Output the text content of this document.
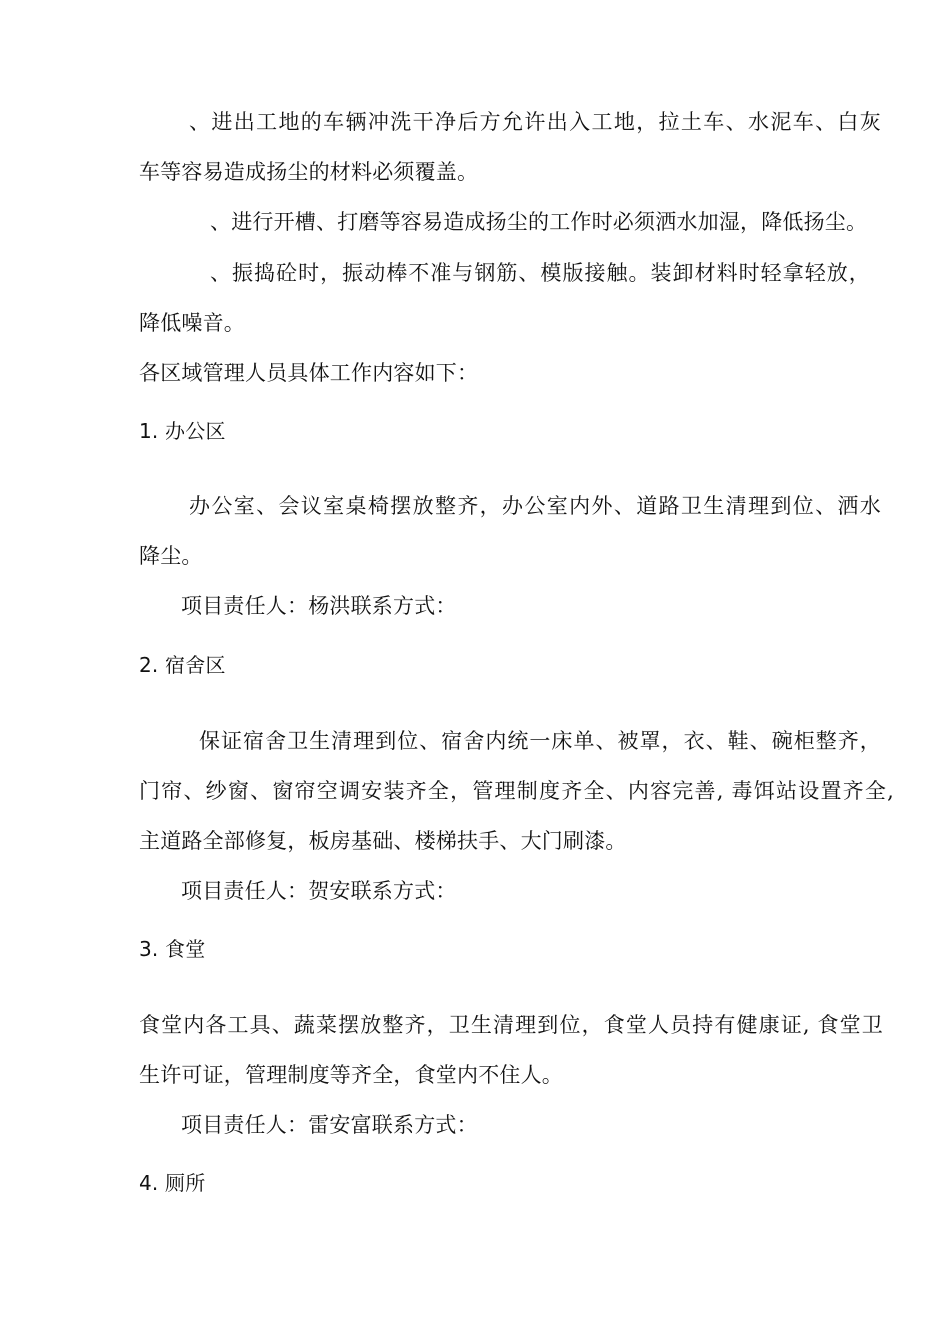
、进出工地的车辆冲洗干净后方允许出入工地，拉土车、水泥车、白灰
车等容易造成扬尘的材料必须覆盖。
、进行开槽、打磨等容易造成扬尘的工作时必须洒水加湿，降低扬尘。
、振捣砼时，振动棒不准与钢筋、模版接触。装卸材料时轻拿轻放，
降低噪音。
各区域管理人员具体工作内容如下：
1. 办公区
办公室、会议室桌椅摆放整齐，办公室内外、道路卫生清理到位、洒水
降尘。
项目责任人：杨洪联系方式：
2. 宿舍区
保证宿舍卫生清理到位、宿舍内统一床单、被罩，衣、鞋、碗柜整齐，
门帘、纱窗、窗帘空调安装齐全，管理制度齐全、内容完善, 毒饵站设置齐全,
主道路全部修复，板房基础、楼梯扶手、大门刷漆。
项目责任人：贺安联系方式：
3. 食堂
食堂内各工具、蔬菜摆放整齐，卫生清理到位，食堂人员持有健康证, 食堂卫
生许可证，管理制度等齐全，食堂内不住人。
项目责任人：雷安富联系方式：
4. 厕所
